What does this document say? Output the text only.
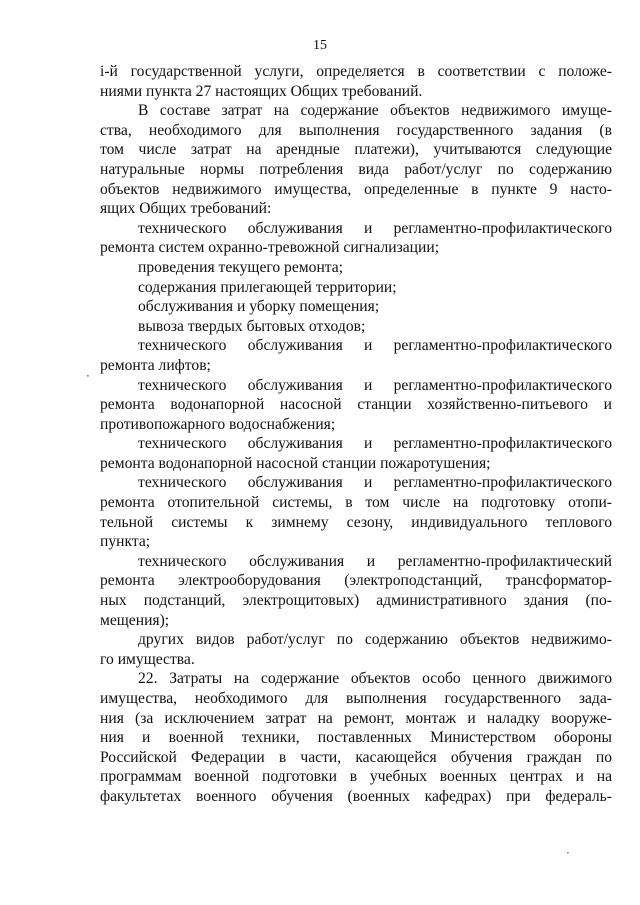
15
i-й государственной услуги, определяется в соответствии с положе-
ниями пункта 27 настоящих Общих требований.
В составе затрат на содержание объектов недвижимого имуще-
ства, необходимого для выполнения государственного задания (в
том числе затрат на арендные платежи), учитываются следующие
натуральные нормы потребления вида работ/услуг по содержанию
объектов недвижимого имущества, определенные в пункте 9 насто-
ящих Общих требований:
технического обслуживания и регламентно-профилактического
ремонта систем охранно-тревожной сигнализации;
проведения текущего ремонта;
содержания прилегающей территории;
обслуживания и уборку помещения;
вывоза твердых бытовых отходов;
технического обслуживания и регламентно-профилактического
ремонта лифтов;
технического обслуживания и регламентно-профилактического
ремонта водонапорной насосной станции хозяйственно-питьевого и
противопожарного водоснабжения;
технического обслуживания и регламентно-профилактического
ремонта водонапорной насосной станции пожаротушения;
технического обслуживания и регламентно-профилактического
ремонта отопительной системы, в том числе на подготовку отопи-
тельной системы к зимнему сезону, индивидуального теплового
пункта;
технического обслуживания и регламентно-профилактический
ремонта электрооборудования (электроподстанций, трансформатор-
ных подстанций, электрощитовых) административного здания (по-
мещения);
других видов работ/услуг по содержанию объектов недвижимо-
го имущества.
22. Затраты на содержание объектов особо ценного движимого
имущества, необходимого для выполнения государственного зада-
ния (за исключением затрат на ремонт, монтаж и наладку вооруже-
ния и военной техники, поставленных Министерством обороны
Российской Федерации в части, касающейся обучения граждан по
программам военной подготовки в учебных военных центрах и на
факультетах военного обучения (военных кафедрах) при федераль-
·
·
